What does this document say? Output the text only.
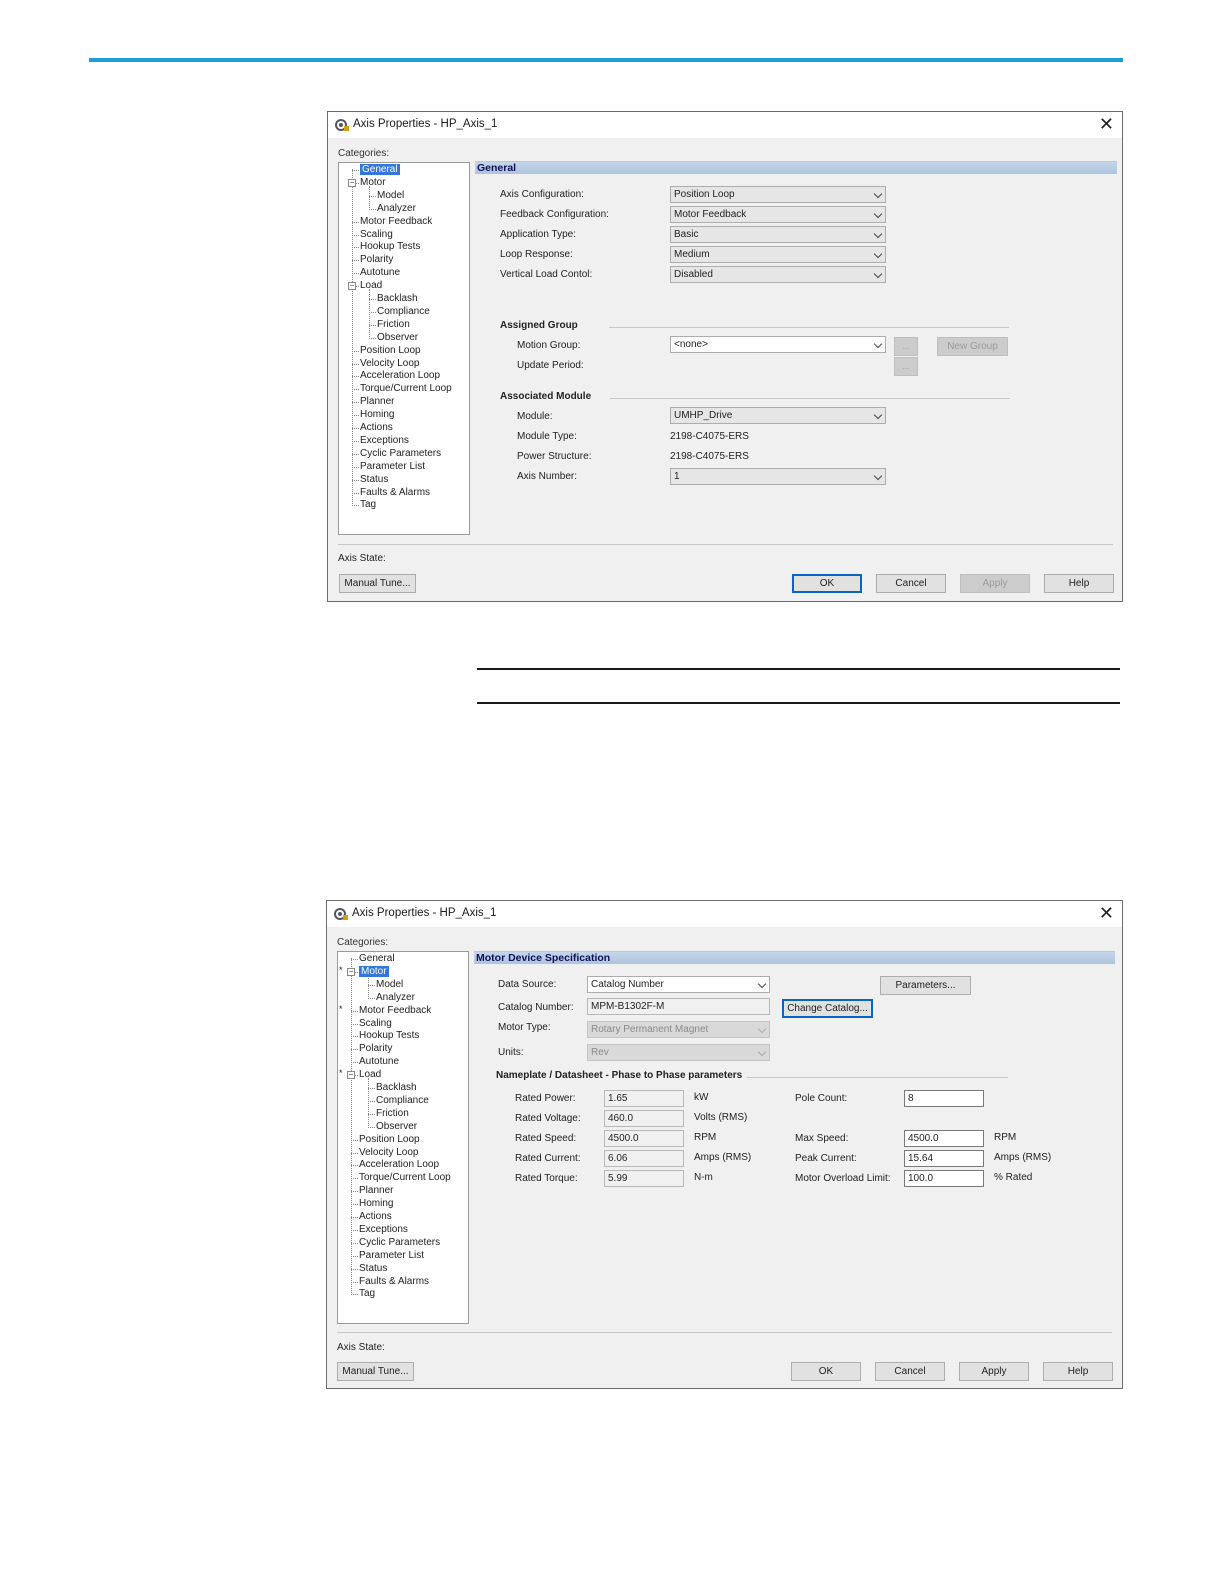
Axis Properties - HP_Axis_1	✕
Categories:
General
− Motor
Model
Analyzer
Motor Feedback
Scaling
Hookup Tests
Polarity
Autotune
− Load
Backlash
Compliance
Friction
Observer
Position Loop
Velocity Loop
Acceleration Loop
Torque/Current Loop
Planner
Homing
Actions
Exceptions
Cyclic Parameters
Parameter List
Status
Faults & Alarms
Tag
General
Axis Configuration:	Position Loop
Feedback Configuration:	Motor Feedback
Application Type:	Basic
Loop Response:	Medium
Vertical Load Contol:	Disabled
Assigned Group
Motion Group:	<none>	...	New Group
Update Period:	...
Associated Module
Module:	UMHP_Drive
Module Type:	2198-C4075-ERS
Power Structure:	2198-C4075-ERS
Axis Number:	1
Axis State:
Manual Tune...	OK	Cancel	Apply	Help
Axis Properties - HP_Axis_1	✕
Categories:
General
−
* Motor
Model
Analyzer
* Motor Feedback
Scaling
Hookup Tests
Polarity
Autotune
−
* Load
Backlash
Compliance
Friction
Observer
Position Loop
Velocity Loop
Acceleration Loop
Torque/Current Loop
Planner
Homing
Actions
Exceptions
Cyclic Parameters
Parameter List
Status
Faults & Alarms
Tag
Motor Device Specification
Data Source:	Catalog Number	Parameters...
Catalog Number:	MPM-B1302F-M	Change Catalog...
Motor Type:	Rotary Permanent Magnet
Units:	Rev
Nameplate / Datasheet - Phase to Phase parameters
Rated Power:	1.65	kW
Rated Voltage:	460.0	Volts (RMS)
Rated Speed:	4500.0	RPM
Rated Current:	6.06	Amps (RMS)
Rated Torque:	5.99	N-m
Pole Count:	8
Max Speed:	4500.0	RPM
Peak Current:	15.64	Amps (RMS)
Motor Overload Limit:	100.0	% Rated
Axis State:
Manual Tune...	OK	Cancel	Apply	Help
